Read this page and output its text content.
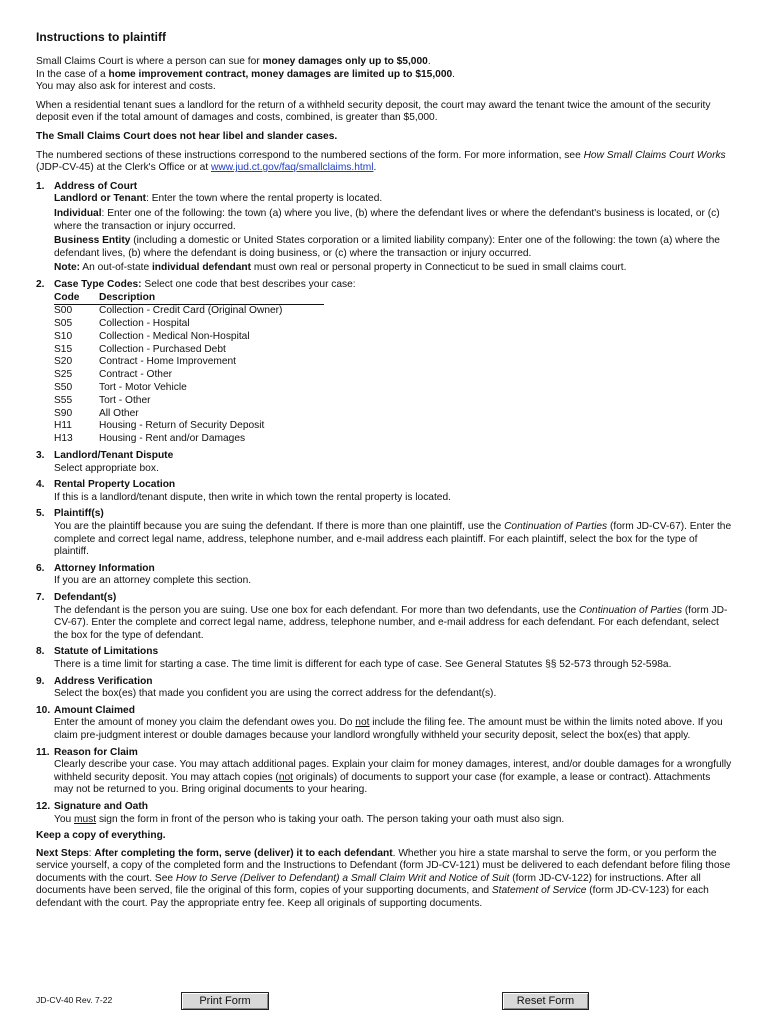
Instructions to plaintiff

Small Claims Court is where a person can sue for money damages only up to $5,000.
In the case of a home improvement contract, money damages are limited up to $15,000.
You may also ask for interest and costs.

When a residential tenant sues a landlord for the return of a withheld security deposit, the court may award the tenant twice the amount of the security deposit even if the total amount of damages and costs, combined, is greater than $5,000.

The Small Claims Court does not hear libel and slander cases.

The numbered sections of these instructions correspond to the numbered sections of the form. For more information, see How Small Claims Court Works (JDP-CV-45) at the Clerk's Office or at www.jud.ct.gov/faq/smallclaims.html.

1. Address of Court

Landlord or Tenant: Enter the town where the rental property is located.

Individual: Enter one of the following: the town (a) where you live, (b) where the defendant lives or where the defendant's business is located, or (c) where the transaction or injury occurred.

Business Entity (including a domestic or United States corporation or a limited liability company): Enter one of the following: the town (a) where the defendant lives, (b) where the defendant is doing business, or (c) where the transaction or injury occurred.

Note: An out-of-state individual defendant must own real or personal property in Connecticut to be sued in small claims court.

2. Case Type Codes: Select one code that best describes your case:
Code	Description
S00	Collection - Credit Card (Original Owner)
S05	Collection - Hospital
S10	Collection - Medical Non-Hospital
S15	Collection - Purchased Debt
S20	Contract - Home Improvement
S25	Contract - Other
S50	Tort - Motor Vehicle
S55	Tort - Other
S90	All Other
H11	Housing - Return of Security Deposit
H13	Housing - Rent and/or Damages
3. Landlord/Tenant Dispute

Select appropriate box.

4. Rental Property Location

If this is a landlord/tenant dispute, then write in which town the rental property is located.

5. Plaintiff(s)

You are the plaintiff because you are suing the defendant. If there is more than one plaintiff, use the Continuation of Parties (form JD-CV-67). Enter the complete and correct legal name, address, telephone number, and e-mail address each plaintiff. For each plaintiff, select the box for the type of plaintiff.

6. Attorney Information

If you are an attorney complete this section.

7. Defendant(s)

The defendant is the person you are suing. Use one box for each defendant. For more than two defendants, use the Continuation of Parties (form JD-CV-67). Enter the complete and correct legal name, address, telephone number, and e-mail address for each defendant. For each defendant, select the box for the type of defendant.

8. Statute of Limitations

There is a time limit for starting a case. The time limit is different for each type of case. See General Statutes §§ 52-573 through 52-598a.

9. Address Verification

Select the box(es) that made you confident you are using the correct address for the defendant(s).

10. Amount Claimed

Enter the amount of money you claim the defendant owes you. Do not include the filing fee. The amount must be within the limits noted above. If you claim pre-judgment interest or double damages because your landlord wrongfully withheld your security deposit, select the box(es) that apply.

11. Reason for Claim

Clearly describe your case. You may attach additional pages. Explain your claim for money damages, interest, and/or double damages for a wrongfully withheld security deposit. You may attach copies (not originals) of documents to support your case (for example, a lease or contract). Attachments may not be returned to you. Bring original documents to your hearing.

12. Signature and Oath

You must sign the form in front of the person who is taking your oath. The person taking your oath must also sign.

Keep a copy of everything.

Next Steps: After completing the form, serve (deliver) it to each defendant. Whether you hire a state marshal to serve the form, or you perform the service yourself, a copy of the completed form and the Instructions to Defendant (form JD-CV-121) must be delivered to each defendant before filing those documents with the court. See How to Serve (Deliver to Defendant) a Small Claim Writ and Notice of Suit (form JD-CV-122) for instructions. After all documents have been served, file the original of this form, copies of your supporting documents, and Statement of Service (form JD-CV-123) for each defendant with the court. Pay the appropriate entry fee. Keep all originals of supporting documents.

JD-CV-40 Rev. 7-22	Print Form	Reset Form
